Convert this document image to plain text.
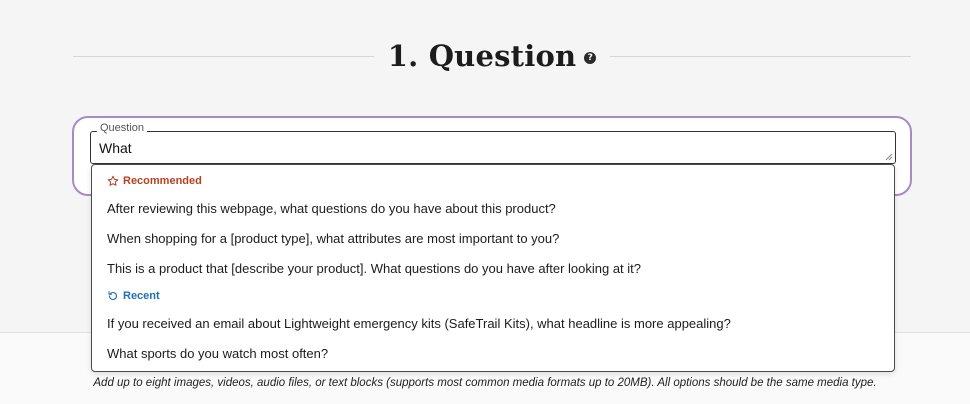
1. Question	?
Add up to eight images, videos, audio files, or text blocks (supports most common media formats up to 20MB). All options should be the same media type.
Question
What
Recommended
After reviewing this webpage, what questions do you have about this product?
When shopping for a [product type], what attributes are most important to you?
This is a product that [describe your product]. What questions do you have after looking at it?
Recent
If you received an email about Lightweight emergency kits (SafeTrail Kits), what headline is more appealing?
What sports do you watch most often?
